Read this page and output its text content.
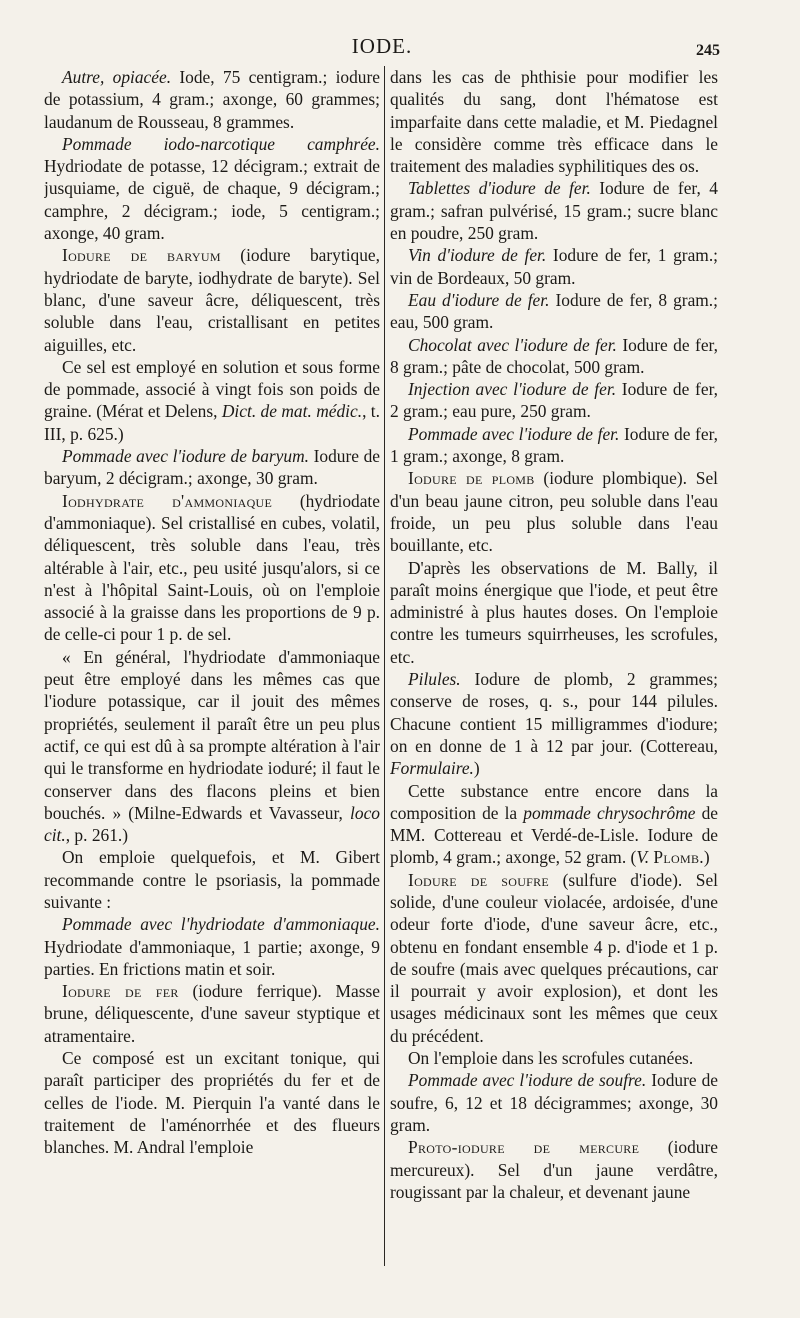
IODE.	245

Autre, opiacée. Iode, 75 centigram.; iodure de potassium, 4 gram.; axonge, 60 grammes; laudanum de Rousseau, 8 grammes.

Pommade iodo-narcotique camphrée. Hydriodate de potasse, 12 décigram.; extrait de jusquiame, de ciguë, de chaque, 9 décigram.; camphre, 2 décigram.; iode, 5 centigram.; axonge, 40 gram.

Iodure de baryum (iodure barytique, hydriodate de baryte, iodhydrate de baryte). Sel blanc, d'une saveur âcre, déliquescent, très soluble dans l'eau, cristallisant en petites aiguilles, etc.

Ce sel est employé en solution et sous forme de pommade, associé à vingt fois son poids de graine. (Mérat et Delens, Dict. de mat. médic., t. III, p. 625.)

Pommade avec l'iodure de baryum. Iodure de baryum, 2 décigram.; axonge, 30 gram.

Iodhydrate d'ammoniaque (hydriodate d'ammoniaque). Sel cristallisé en cubes, volatil, déliquescent, très soluble dans l'eau, très altérable à l'air, etc., peu usité jusqu'alors, si ce n'est à l'hôpital Saint-Louis, où on l'emploie associé à la graisse dans les proportions de 9 p. de celle-ci pour 1 p. de sel.

« En général, l'hydriodate d'ammoniaque peut être employé dans les mêmes cas que l'iodure potassique, car il jouit des mêmes propriétés, seulement il paraît être un peu plus actif, ce qui est dû à sa prompte altération à l'air qui le transforme en hydriodate ioduré; il faut le conserver dans des flacons pleins et bien bouchés. » (Milne-Edwards et Vavasseur, loco cit., p. 261.)

On emploie quelquefois, et M. Gibert recommande contre le psoriasis, la pommade suivante :

Pommade avec l'hydriodate d'ammoniaque. Hydriodate d'ammoniaque, 1 partie; axonge, 9 parties. En frictions matin et soir.

Iodure de fer (iodure ferrique). Masse brune, déliquescente, d'une saveur styptique et atramentaire.

Ce composé est un excitant tonique, qui paraît participer des propriétés du fer et de celles de l'iode. M. Pierquin l'a vanté dans le traitement de l'aménorrhée et des flueurs blanches. M. Andral l'emploie

dans les cas de phthisie pour modifier les qualités du sang, dont l'hématose est imparfaite dans cette maladie, et M. Piedagnel le considère comme très efficace dans le traitement des maladies syphilitiques des os.

Tablettes d'iodure de fer. Iodure de fer, 4 gram.; safran pulvérisé, 15 gram.; sucre blanc en poudre, 250 gram.

Vin d'iodure de fer. Iodure de fer, 1 gram.; vin de Bordeaux, 50 gram.

Eau d'iodure de fer. Iodure de fer, 8 gram.; eau, 500 gram.

Chocolat avec l'iodure de fer. Iodure de fer, 8 gram.; pâte de chocolat, 500 gram.

Injection avec l'iodure de fer. Iodure de fer, 2 gram.; eau pure, 250 gram.

Pommade avec l'iodure de fer. Iodure de fer, 1 gram.; axonge, 8 gram.

Iodure de plomb (iodure plombique). Sel d'un beau jaune citron, peu soluble dans l'eau froide, un peu plus soluble dans l'eau bouillante, etc.

D'après les observations de M. Bally, il paraît moins énergique que l'iode, et peut être administré à plus hautes doses. On l'emploie contre les tumeurs squirrheuses, les scrofules, etc.

Pilules. Iodure de plomb, 2 grammes; conserve de roses, q. s., pour 144 pilules. Chacune contient 15 milligrammes d'iodure; on en donne de 1 à 12 par jour. (Cottereau, Formulaire.)

Cette substance entre encore dans la composition de la pommade chrysochrôme de MM. Cottereau et Verdé-de-Lisle. Iodure de plomb, 4 gram.; axonge, 52 gram. (V. Plomb.)

Iodure de soufre (sulfure d'iode). Sel solide, d'une couleur violacée, ardoisée, d'une odeur forte d'iode, d'une saveur âcre, etc., obtenu en fondant ensemble 4 p. d'iode et 1 p. de soufre (mais avec quelques précautions, car il pourrait y avoir explosion), et dont les usages médicinaux sont les mêmes que ceux du précédent.

On l'emploie dans les scrofules cutanées.

Pommade avec l'iodure de soufre. Iodure de soufre, 6, 12 et 18 décigrammes; axonge, 30 gram.

Proto-iodure de mercure (iodure mercureux). Sel d'un jaune verdâtre, rougissant par la chaleur, et devenant jaune
